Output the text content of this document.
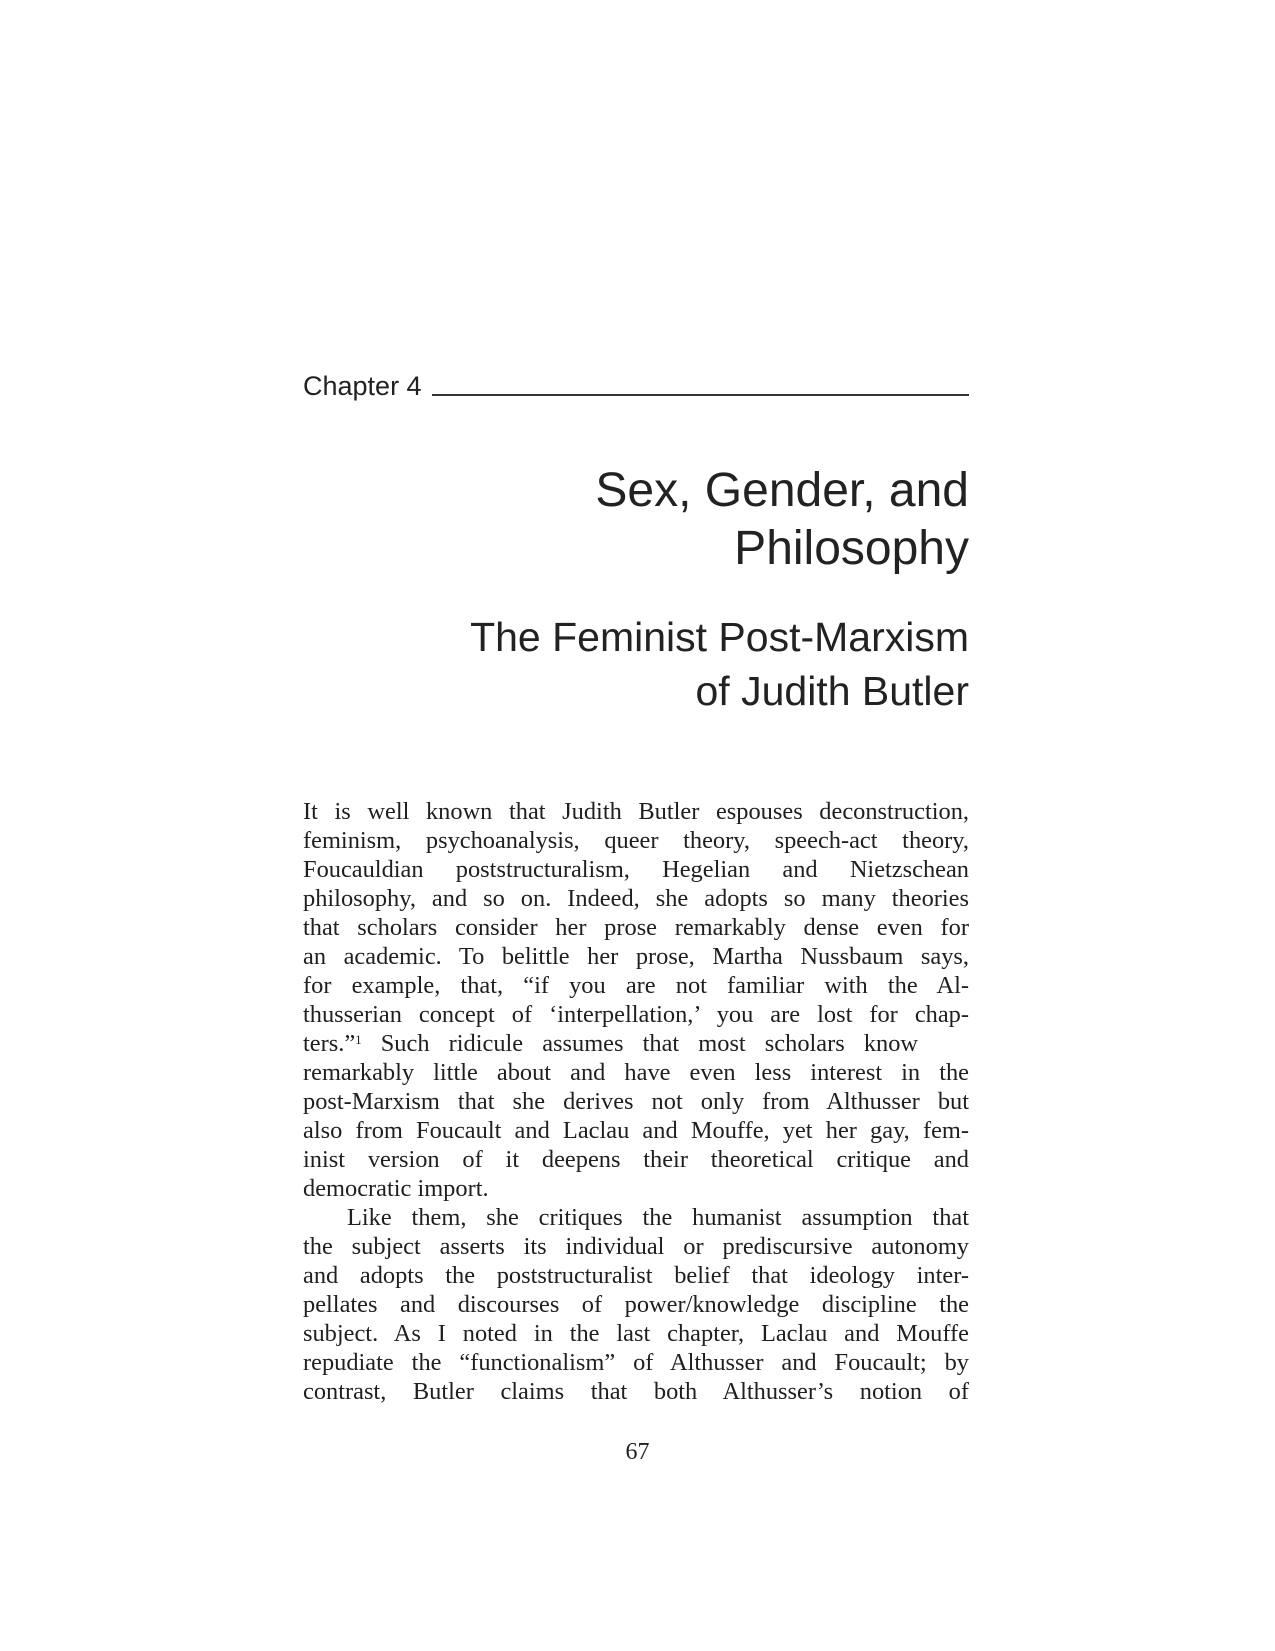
Chapter 4
Sex, Gender, and
Philosophy
The Feminist Post-Marxism
of Judith Butler
It is well known that Judith Butler espouses deconstruction,
feminism, psychoanalysis, queer theory, speech-act theory,
Foucauldian poststructuralism, Hegelian and Nietzschean
philosophy, and so on. Indeed, she adopts so many theories
that scholars consider her prose remarkably dense even for
an academic. To belittle her prose, Martha Nussbaum says,
for example, that, “if you are not familiar with the Al-
thusserian concept of ‘interpellation,’ you are lost for chap-
ters.”$^1$ Such ridicule assumes that most scholars know
remarkably little about and have even less interest in the
post-Marxism that she derives not only from Althusser but
also from Foucault and Laclau and Mouffe, yet her gay, fem-
inist version of it deepens their theoretical critique and
democratic import.
Like them, she critiques the humanist assumption that
the subject asserts its individual or prediscursive autonomy
and adopts the poststructuralist belief that ideology inter-
pellates and discourses of power/knowledge discipline the
subject. As I noted in the last chapter, Laclau and Mouffe
repudiate the “functionalism” of Althusser and Foucault; by
contrast, Butler claims that both Althusser’s notion of
67
